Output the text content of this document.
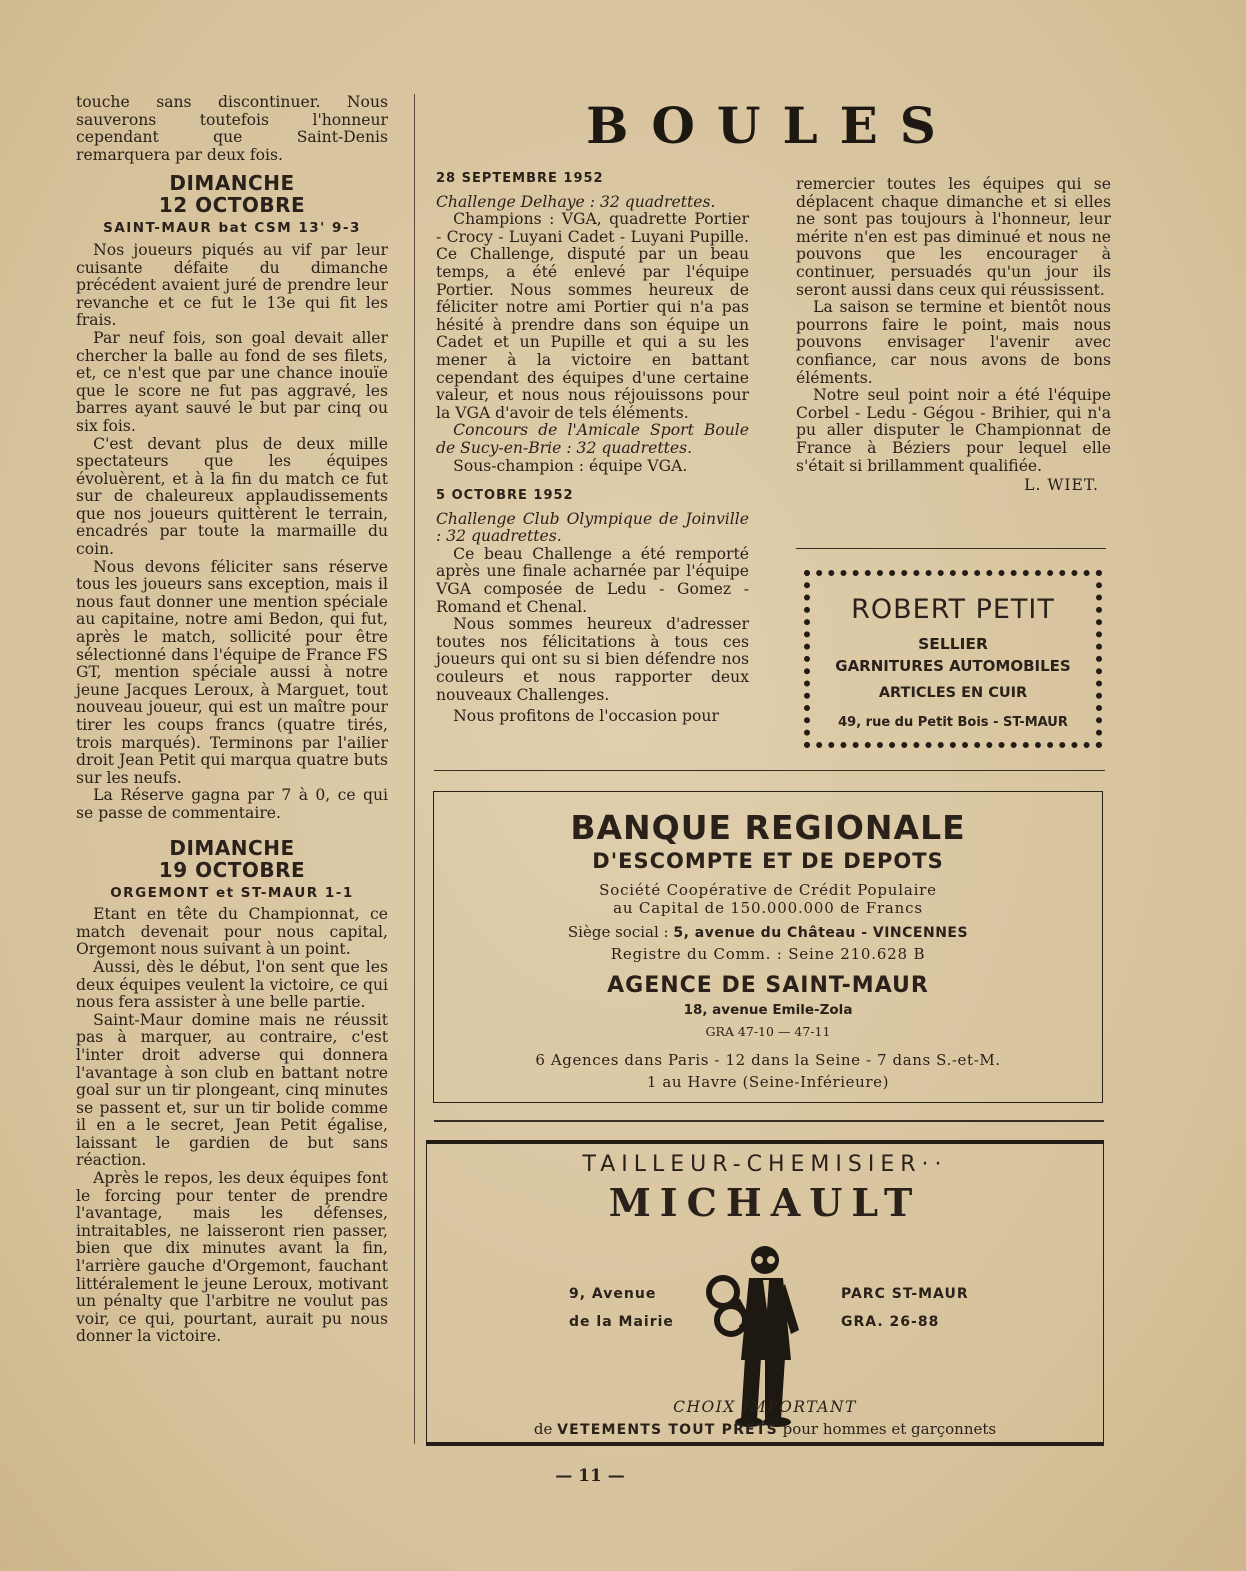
touche sans discontinuer. Nous sauverons toutefois l'honneur cependant que Saint-Denis remarquera par deux fois.

DIMANCHE
12 OCTOBRE
SAINT-MAUR bat CSM 13' 9-3

Nos joueurs piqués au vif par leur cuisante défaite du dimanche précédent avaient juré de prendre leur revanche et ce fut le 13e qui fit les frais.

Par neuf fois, son goal devait aller chercher la balle au fond de ses filets, et, ce n'est que par une chance inouïe que le score ne fut pas aggravé, les barres ayant sauvé le but par cinq ou six fois.

C'est devant plus de deux mille spectateurs que les équipes évoluèrent, et à la fin du match ce fut sur de chaleureux applaudissements que nos joueurs quittèrent le terrain, encadrés par toute la marmaille du coin.

Nous devons féliciter sans réserve tous les joueurs sans exception, mais il nous faut donner une mention spéciale au capitaine, notre ami Bedon, qui fut, après le match, sollicité pour être sélectionné dans l'équipe de France FS GT, mention spéciale aussi à notre jeune Jacques Leroux, à Marguet, tout nouveau joueur, qui est un maître pour tirer les coups francs (quatre tirés, trois marqués). Terminons par l'ailier droit Jean Petit qui marqua quatre buts sur les neufs.

La Réserve gagna par 7 à 0, ce qui se passe de commentaire.

DIMANCHE
19 OCTOBRE
ORGEMONT et ST-MAUR 1-1

Etant en tête du Championnat, ce match devenait pour nous capital, Orgemont nous suivant à un point.

Aussi, dès le début, l'on sent que les deux équipes veulent la victoire, ce qui nous fera assister à une belle partie.

Saint-Maur domine mais ne réussit pas à marquer, au contraire, c'est l'inter droit adverse qui donnera l'avantage à son club en battant notre goal sur un tir plongeant, cinq minutes se passent et, sur un tir bolide comme il en a le secret, Jean Petit égalise, laissant le gardien de but sans réaction.

Après le repos, les deux équipes font le forcing pour tenter de prendre l'avantage, mais les défenses, intraitables, ne laisseront rien passer, bien que dix minutes avant la fin, l'arrière gauche d'Orgemont, fauchant littéralement le jeune Leroux, motivant un pénalty que l'arbitre ne voulut pas voir, ce qui, pourtant, aurait pu nous donner la victoire.

BOULES
28 SEPTEMBRE 1952

Challenge Delhaye : 32 quadrettes.

Champions : VGA, quadrette Portier - Crocy - Luyani Cadet - Luyani Pupille. Ce Challenge, disputé par un beau temps, a été enlevé par l'équipe Portier. Nous sommes heureux de féliciter notre ami Portier qui n'a pas hésité à prendre dans son équipe un Cadet et un Pupille et qui a su les mener à la victoire en battant cependant des équipes d'une certaine valeur, et nous nous réjouissons pour la VGA d'avoir de tels éléments.

Concours de l'Amicale Sport Boule de Sucy-en-Brie : 32 quadrettes.

Sous-champion : équipe VGA.

5 OCTOBRE 1952

Challenge Club Olympique de Joinville : 32 quadrettes.

Ce beau Challenge a été remporté après une finale acharnée par l'équipe VGA composée de Ledu - Gomez - Romand et Chenal.

Nous sommes heureux d'adresser toutes nos félicitations à tous ces joueurs qui ont su si bien défendre nos couleurs et nous rapporter deux nouveaux Challenges.

Nous profitons de l'occasion pour

remercier toutes les équipes qui se déplacent chaque dimanche et si elles ne sont pas toujours à l'honneur, leur mérite n'en est pas diminué et nous ne pouvons que les encourager à continuer, persuadés qu'un jour ils seront aussi dans ceux qui réussissent.

La saison se termine et bientôt nous pourrons faire le point, mais nous pouvons envisager l'avenir avec confiance, car nous avons de bons éléments.

Notre seul point noir a été l'équipe Corbel - Ledu - Gégou - Brihier, qui n'a pu aller disputer le Championnat de France à Béziers pour lequel elle s'était si brillamment qualifiée.

L. WIET.
ROBERT PETIT
SELLIER
GARNITURES AUTOMOBILES
ARTICLES EN CUIR
49, rue du Petit Bois - ST-MAUR
BANQUE REGIONALE
D'ESCOMPTE ET DE DEPOTS
Société Coopérative de Crédit Populaire
au Capital de 150.000.000 de Francs
Siège social : 5, avenue du Château - VINCENNES
Registre du Comm. : Seine 210.628 B
AGENCE DE SAINT-MAUR
18, avenue Emile-Zola
GRA 47-10 — 47-11
6 Agences dans Paris - 12 dans la Seine - 7 dans S.-et-M.
1 au Havre (Seine-Inférieure)
TAILLEUR-CHEMISIER··
MICHAULT
9, Avenue
de la Mairie
PARC ST-MAUR
GRA. 26-88
CHOIX IMPORTANT
de VETEMENTS TOUT PRETS pour hommes et garçonnets
— 11 —
